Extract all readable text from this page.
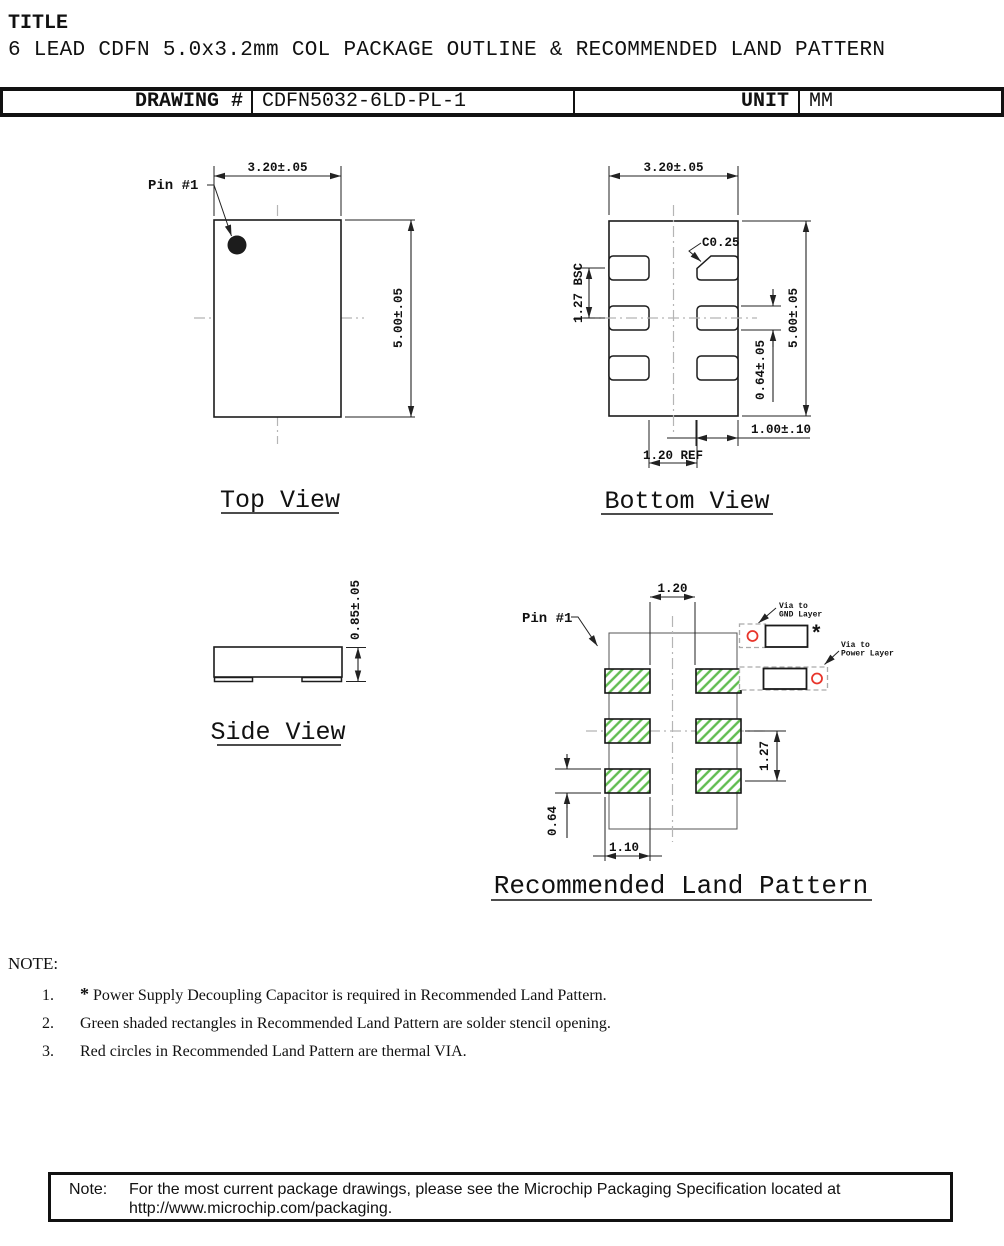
TITLE
6 LEAD CDFN 5.0x3.2mm COL PACKAGE OUTLINE & RECOMMENDED LAND PATTERN
DRAWING # CDFN5032-6LD-PL-1	UNIT	MM
Pin #1
3.20±.05
5.00±.05
Top View
C0.25
3.20±.05
5.00±.05
1.27 BSC
0.64±.05
1.00±.10
1.20 REF
Bottom View
0.85±.05
Side View
Pin #1
*
Via to
GND Layer
Via to
Power Layer
1.20
1.27
0.64
1.10
Recommended Land Pattern
NOTE:
1. * Power Supply Decoupling Capacitor is required in Recommended Land Pattern.
2. Green shaded rectangles in Recommended Land Pattern are solder stencil opening.
3. Red circles in Recommended Land Pattern are thermal VIA.
Note:	For the most current package drawings, please see the Microchip Packaging Specification located at
http://www.microchip.com/packaging.
